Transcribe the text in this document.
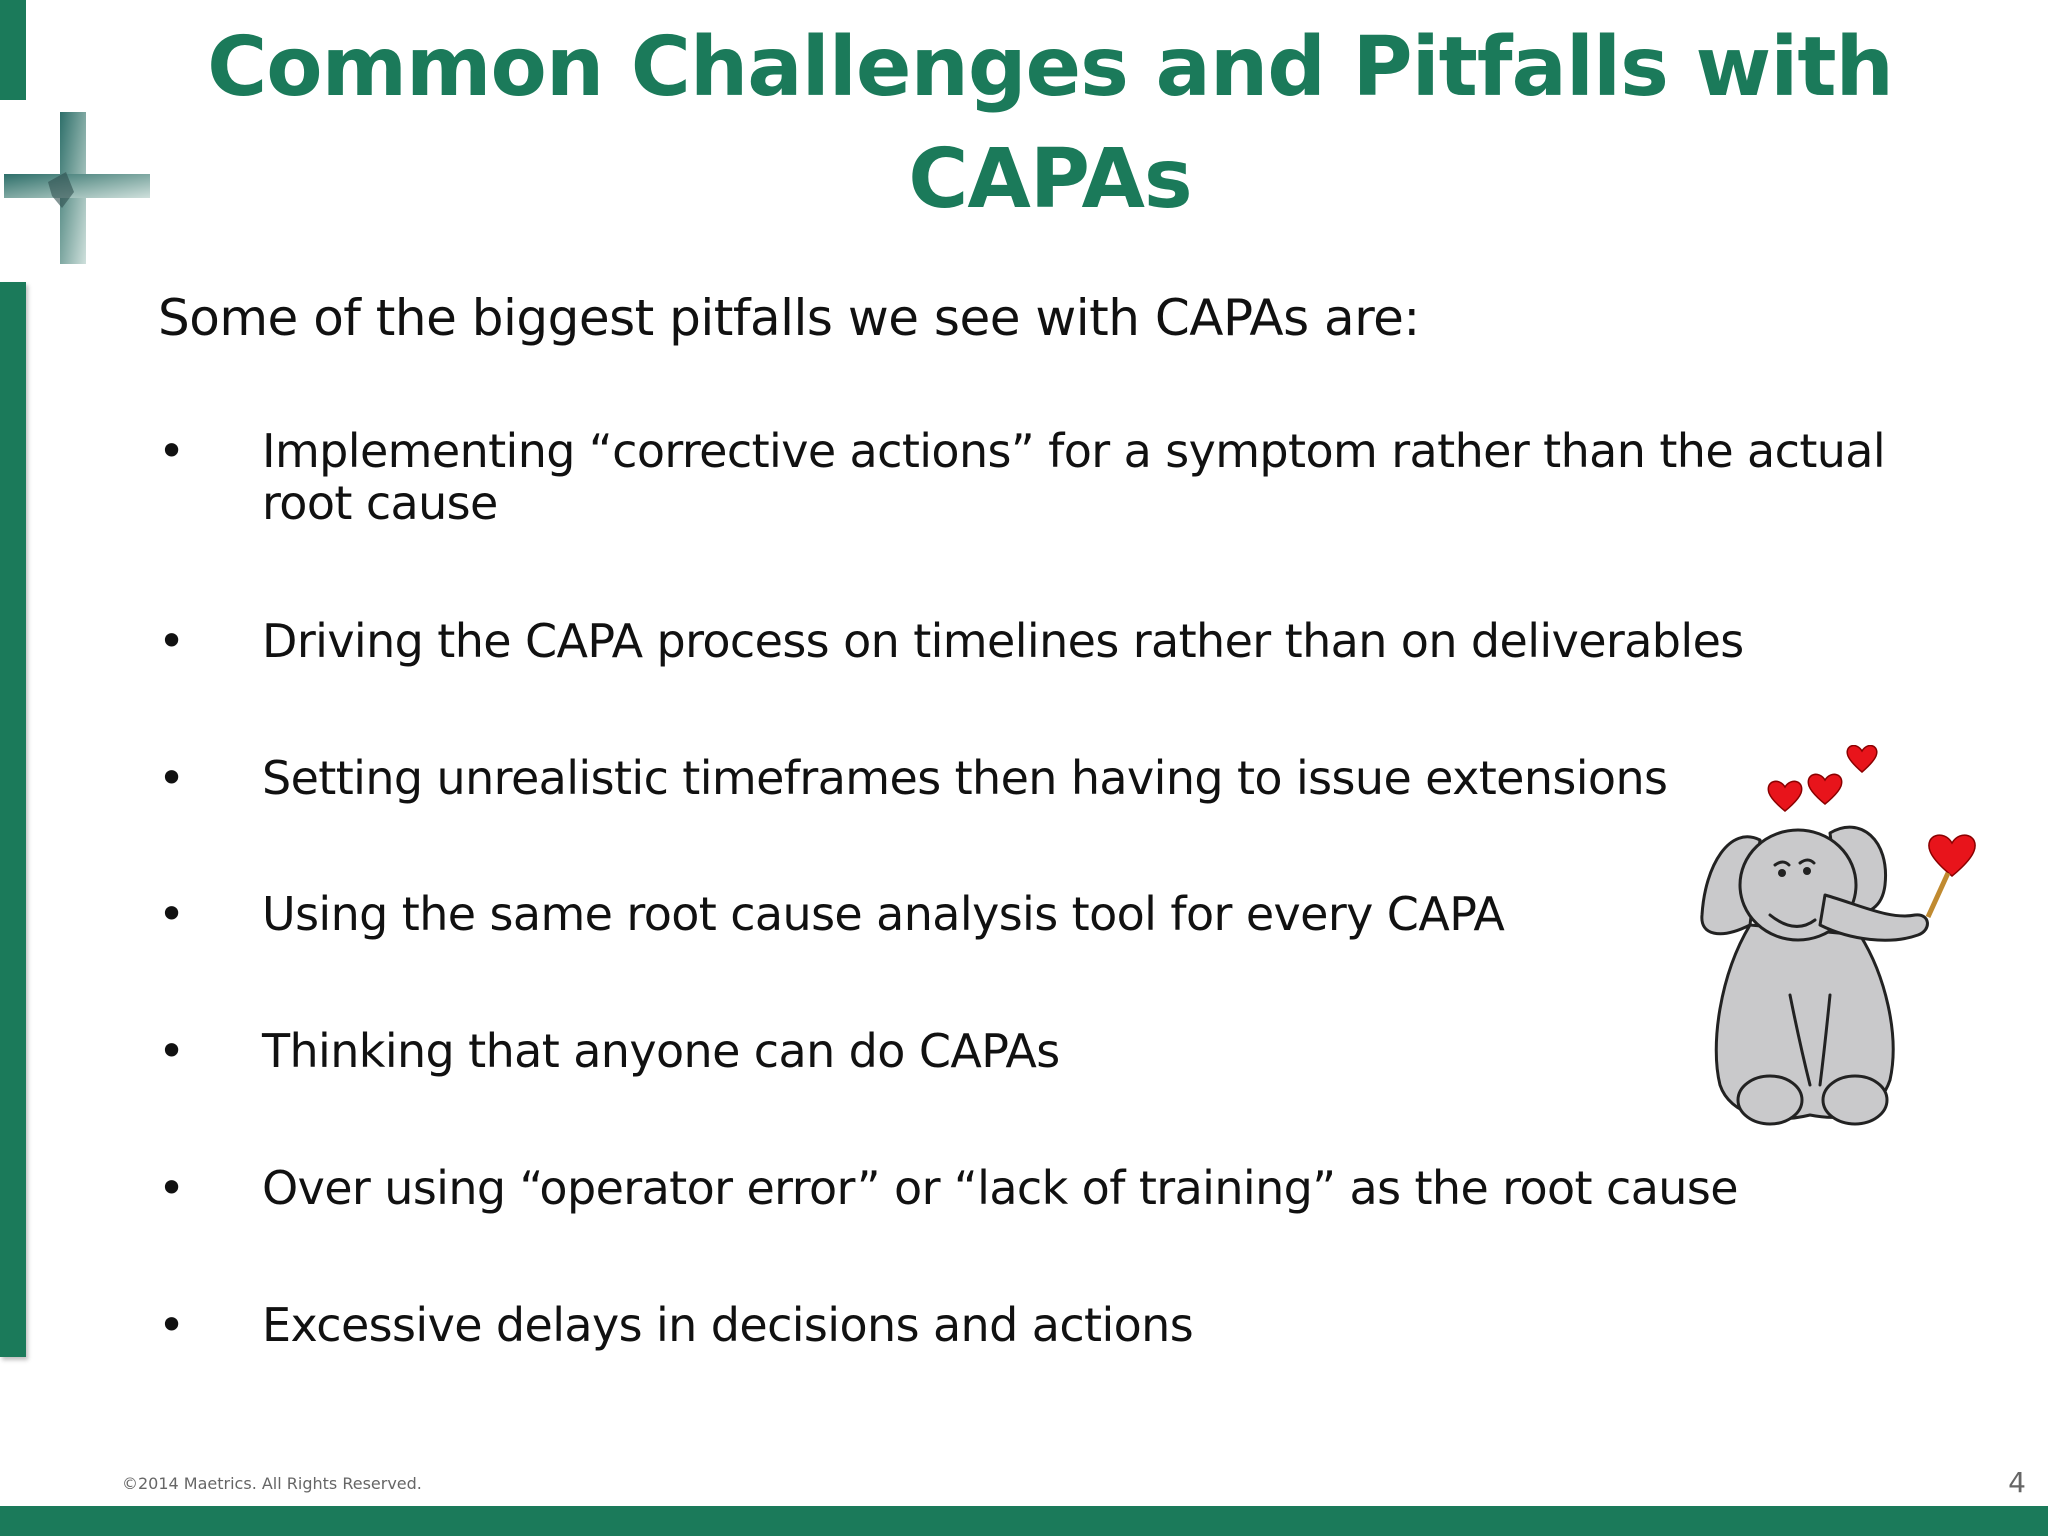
Common Challenges and Pitfalls with CAPAs

Some of the biggest pitfalls we see with CAPAs are:

• Implementing “corrective actions” for a symptom rather than the actual root cause
• Driving the CAPA process on timelines rather than on deliverables
• Setting unrealistic timeframes then having to issue extensions
• Using the same root cause analysis tool for every CAPA
• Thinking that anyone can do CAPAs
• Over using “operator error” or “lack of training” as the root cause
• Excessive delays in decisions and actions
©2014 Maetrics. All Rights Reserved.	4
